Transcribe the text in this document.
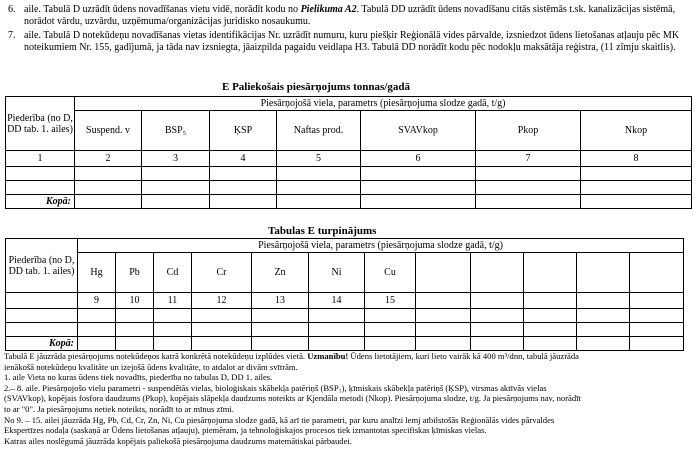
6. aile. Tabulā D uzrādīt ūdens novadīšanas vietu vidē, norādīt kodu no Pielikuma A2. Tabulā DD uzrādīt ūdens novadīšanu citās sistēmās t.sk. kanalizācijas sistēmā,
norādot vārdu, uzvārdu, uzņēmuma/organizācijas juridisko nosaukumu.
7. aile. Tabulā D notekūdeņu novadīšanas vietas identifikācijas Nr. uzrādīt numuru, kuru piešķir Reģionālā vides pārvalde, izsniedzot ūdens lietošanas atļauju pēc MK
noteikumiem Nr. 155, gadījumā, ja tāda nav izsniegta, jāaizpilda pagaidu veidlapa H3. Tabulā DD norādīt kodu pēc nodokļu maksātāja reģistra, (11 zīmju skaitlis).
E Paliekošais piesārņojums tonnas/gadā
Piederība (no D, DD tab. 1. ailes)	Piesārņojošā viela, parametrs (piesārņojuma slodze gadā, t/g)						
	Suspend. v	BSP₅	ĶSP	Naftas prod.	SVAVkop	Pkop	Nkop
1	2	3	4	5	6	7	8

Kopā:							
Tabulas E turpinājums
Piederība (no D, DD tab. 1. ailes)	Piesārņojošā viela, parametrs (piesārņojuma slodze gadā, t/g)											
	Hg	Pb	Cd	Cr	Zn	Ni	Cu					
	9	10	11	12	13	14	15					

Kopā:												
Tabulā E jāuzrāda piesārņojums notekūdeņos katrā konkrētā notekūdeņu izplūdes vietā. Uzmanību! Ūdens lietotājiem, kuri lieto vairāk kā 400 m³/dnn, tabulā jāuzrāda
ienākošā notekūdeņu kvalitāte un izejošā ūdens kvalitāte, to atdalot ar divām svītrām.
1. aile Vieta no kuras ūdens tiek novadīts, piederība no tabulas D, DD 1. ailes.
2.– 8. aile. Piesārņojošo vielu parametri - suspendētās vielas, bioloģiskais skābekļa patēriņš (BSP₅), ķīmiskais skābekļa patēriņš (ĶSP), virsmas aktīvās vielas
(SVAVkop), kopējais fosfora daudzums (Pkop), kopējais slāpekļa daudzums noteikts ar Kjendāla metodi (Nkop). Piesārņojuma slodze, t/g. Ja piesārņojums nav, norādīt
to ar "0". Ja piesārņojums netiek noteikts, norādīt to ar mīnus zīmi.
No 9. – 15. ailei jāuzrāda Hg, Pb, Cd, Cr, Zn, Ni, Cu piesārņojuma slodze gadā, kā arī tie parametri, par kuru analīzi lemj atbilstošās Reģionālās vides pārvaldes
Ekspertīzes nodaļa (saskaņā ar Ūdens lietošanas atļauju), piemēram, ja tehnoloģiskajos procesos tiek izmantotas specifiskas ķīmiskas vielas.
Katras ailes noslēgumā jāuzrāda kopējais paliekošā piesārņojuma daudzums matemātiskai pārbaudei.
